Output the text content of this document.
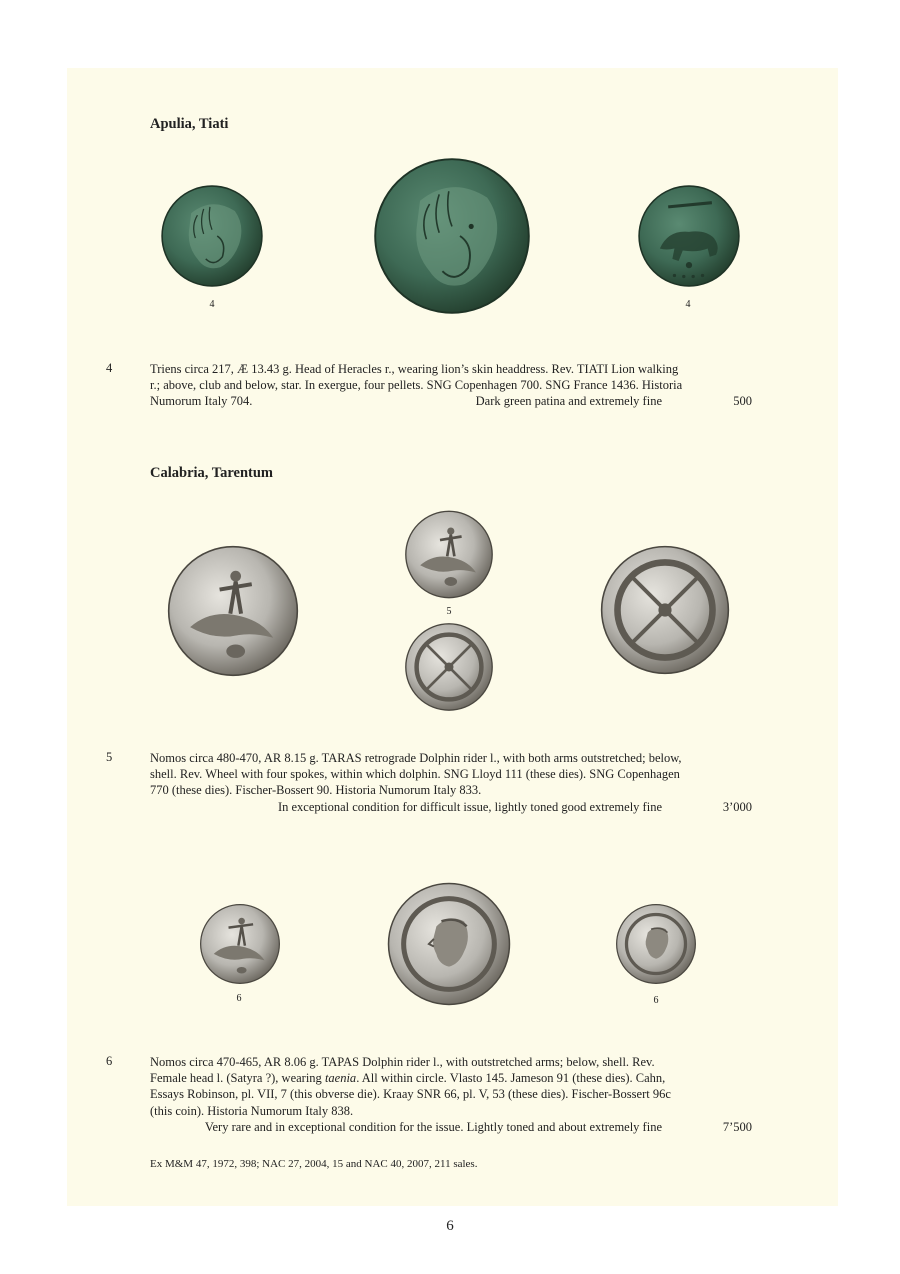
Apulia, Tiati
4	4
4	Triens circa 217, Æ 13.43 g. Head of Heracles r., wearing lion’s skin headdress. Rev. TIATI Lion walking
r.; above, club and below, star. In exergue, four pellets. SNG Copenhagen 700. SNG France 1436. Historia
Numorum Italy 704.	Dark green patina and extremely fine	500
Calabria, Tarentum
5
5	Nomos circa 480-470, AR 8.15 g. TARAS retrograde Dolphin rider l., with both arms outstretched; below,
shell. Rev. Wheel with four spokes, within which dolphin. SNG Lloyd 111 (these dies). SNG Copenhagen
770 (these dies). Fischer-Bossert 90. Historia Numorum Italy 833.
In exceptional condition for difficult issue, lightly toned good extremely fine	3’000
6	6
6	Nomos circa 470-465, AR 8.06 g. TAPAS Dolphin rider l., with outstretched arms; below, shell. Rev.
Female head l. (Satyra ?), wearing taenia. All within circle. Vlasto 145. Jameson 91 (these dies). Cahn,
Essays Robinson, pl. VII, 7 (this obverse die). Kraay SNR 66, pl. V, 53 (these dies). Fischer-Bossert 96c
(this coin). Historia Numorum Italy 838.
Very rare and in exceptional condition for the issue. Lightly toned and about extremely fine	7’500
Ex M&M 47, 1972, 398; NAC 27, 2004, 15 and NAC 40, 2007, 211 sales.
6
